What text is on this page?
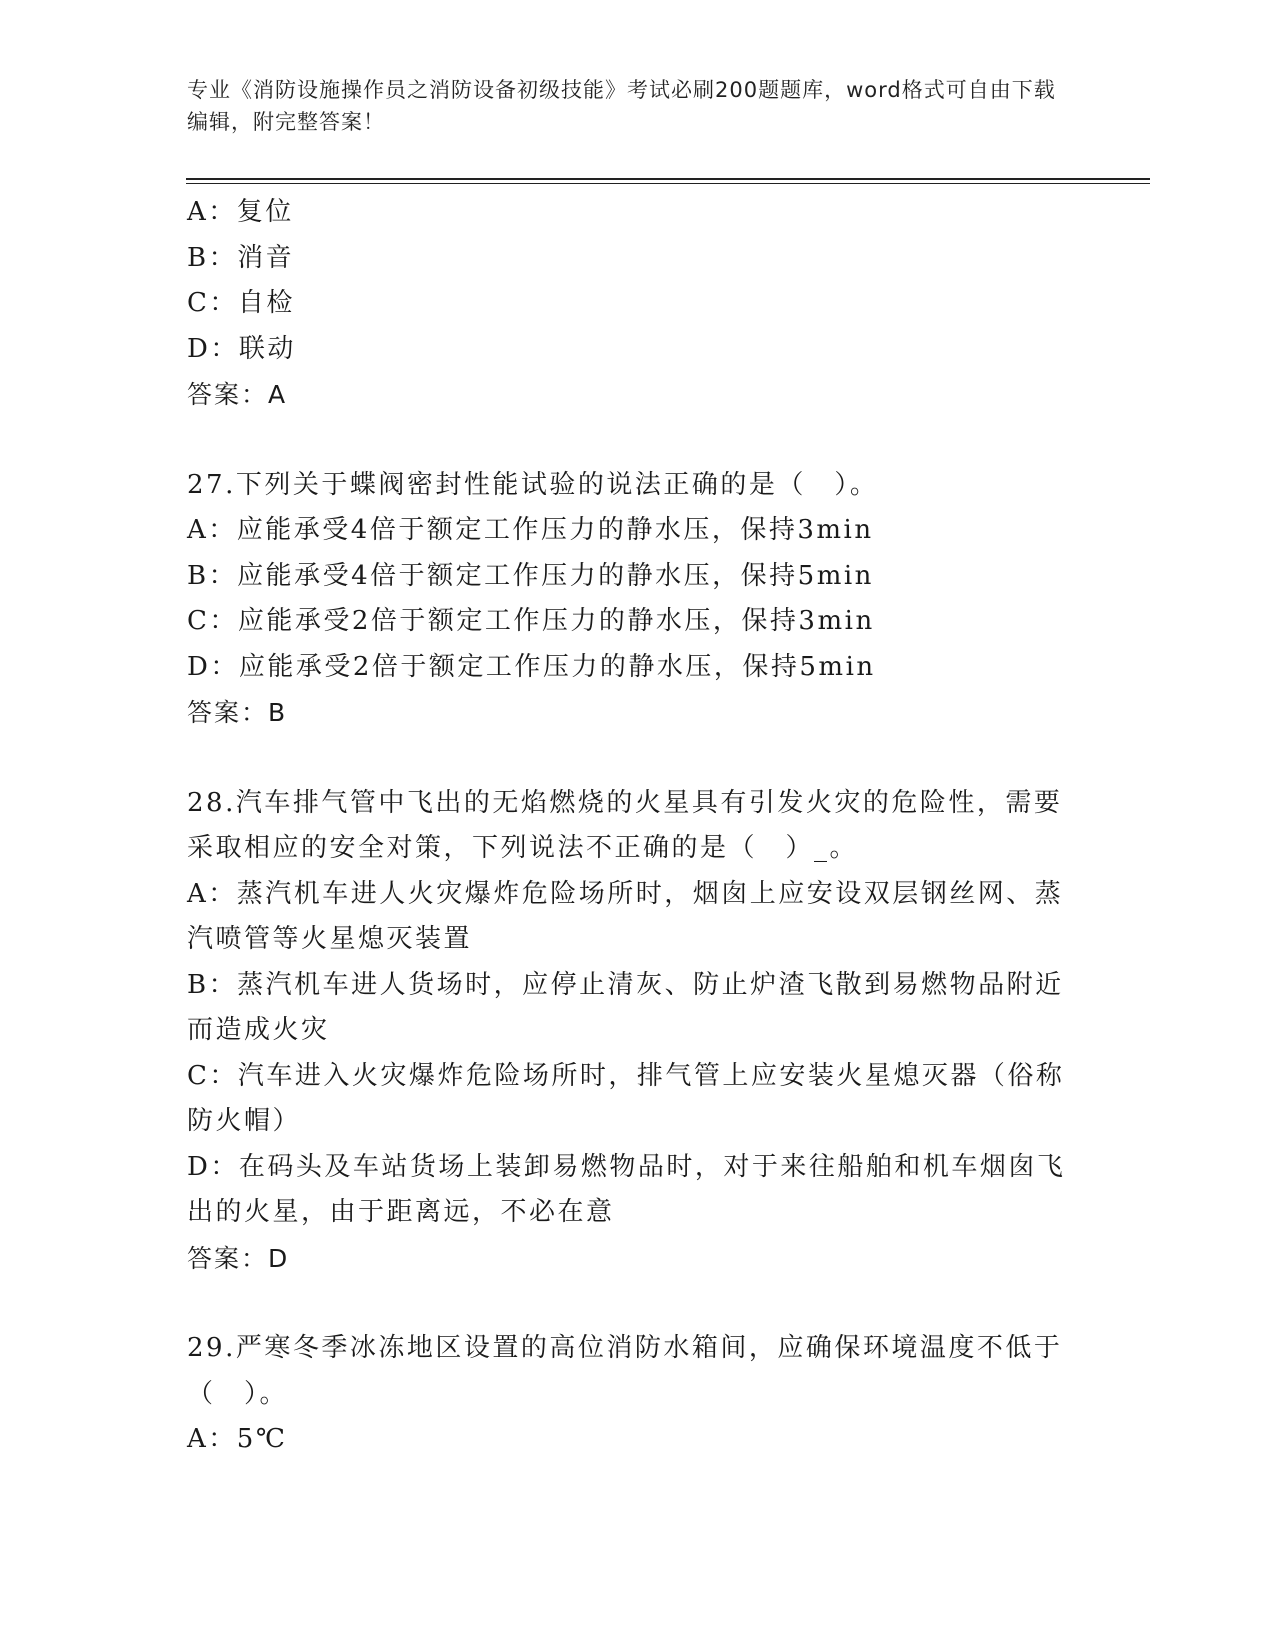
专业《消防设施操作员之消防设备初级技能》考试必刷200题题库，word格式可自由下载编辑，附完整答案！

A：复位

B：消音

C：自检

D：联动

答案：A

27.下列关于蝶阀密封性能试验的说法正确的是（　）。

A：应能承受4倍于额定工作压力的静水压，保持3min

B：应能承受4倍于额定工作压力的静水压，保持5min

C：应能承受2倍于额定工作压力的静水压，保持3min

D：应能承受2倍于额定工作压力的静水压，保持5min

答案：B

28.汽车排气管中飞出的无焰燃烧的火星具有引发火灾的危险性，需要采取相应的安全对策，下列说法不正确的是（　）_。

A：蒸汽机车进人火灾爆炸危险场所时，烟囱上应安设双层钢丝网、蒸汽喷管等火星熄灭装置

B：蒸汽机车进人货场时，应停止清灰、防止炉渣飞散到易燃物品附近而造成火灾

C：汽车进入火灾爆炸危险场所时，排气管上应安装火星熄灭器（俗称防火帽）

D：在码头及车站货场上装卸易燃物品时，对于来往船舶和机车烟囱飞出的火星，由于距离远，不必在意

答案：D

29.严寒冬季冰冻地区设置的高位消防水箱间，应确保环境温度不低于（　）。

A：5℃
